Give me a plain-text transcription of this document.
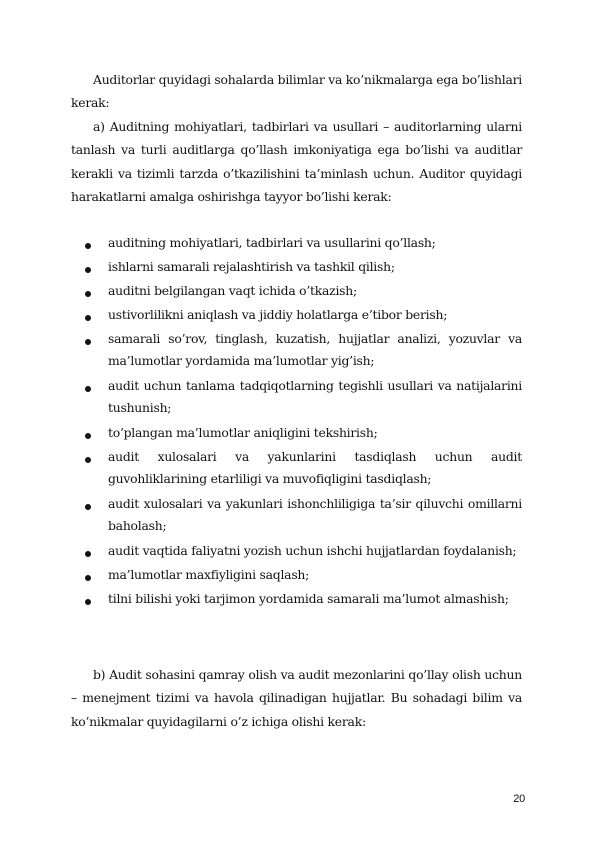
Auditorlar quyidagi sohalarda bilimlar va ko’nikmalarga ega bo’lishlari kerak:

a) Auditning mohiyatlari, tadbirlari va usullari – auditorlarning ularni tanlash va turli auditlarga qo’llash imkoniyatiga ega bo’lishi va auditlar kerakli va tizimli tarzda o’tkazilishini ta’minlash uchun. Auditor quyidagi harakatlarni amalga oshirishga tayyor bo’lishi kerak:

auditning mohiyatlari, tadbirlari va usullarini qo’llash;

ishlarni samarali rejalashtirish va tashkil qilish;

auditni belgilangan vaqt ichida o’tkazish;

ustivorlilikni aniqlash va jiddiy holatlarga e’tibor berish;

samarali so’rov, tinglash, kuzatish, hujjatlar analizi, yozuvlar va ma’lumotlar yordamida ma’lumotlar yig’ish;

audit uchun tanlama tadqiqotlarning tegishli usullari va natijalarini tushunish;

to’plangan ma’lumotlar aniqligini tekshirish;

audit xulosalari va yakunlarini tasdiqlash uchun audit guvohliklarining etarliligi va muvofiqligini tasdiqlash;

audit xulosalari va yakunlari ishonchliligiga ta’sir qiluvchi omillarni baholash;

audit vaqtida faliyatni yozish uchun ishchi hujjatlardan foydalanish;

ma’lumotlar maxfiyligini saqlash;

tilni bilishi yoki tarjimon yordamida samarali ma’lumot almashish;

b) Audit sohasini qamray olish va audit mezonlarini qo’llay olish uchun – menejment tizimi va havola qilinadigan hujjatlar. Bu sohadagi bilim va ko’nikmalar quyidagilarni o’z ichiga olishi kerak:

20
